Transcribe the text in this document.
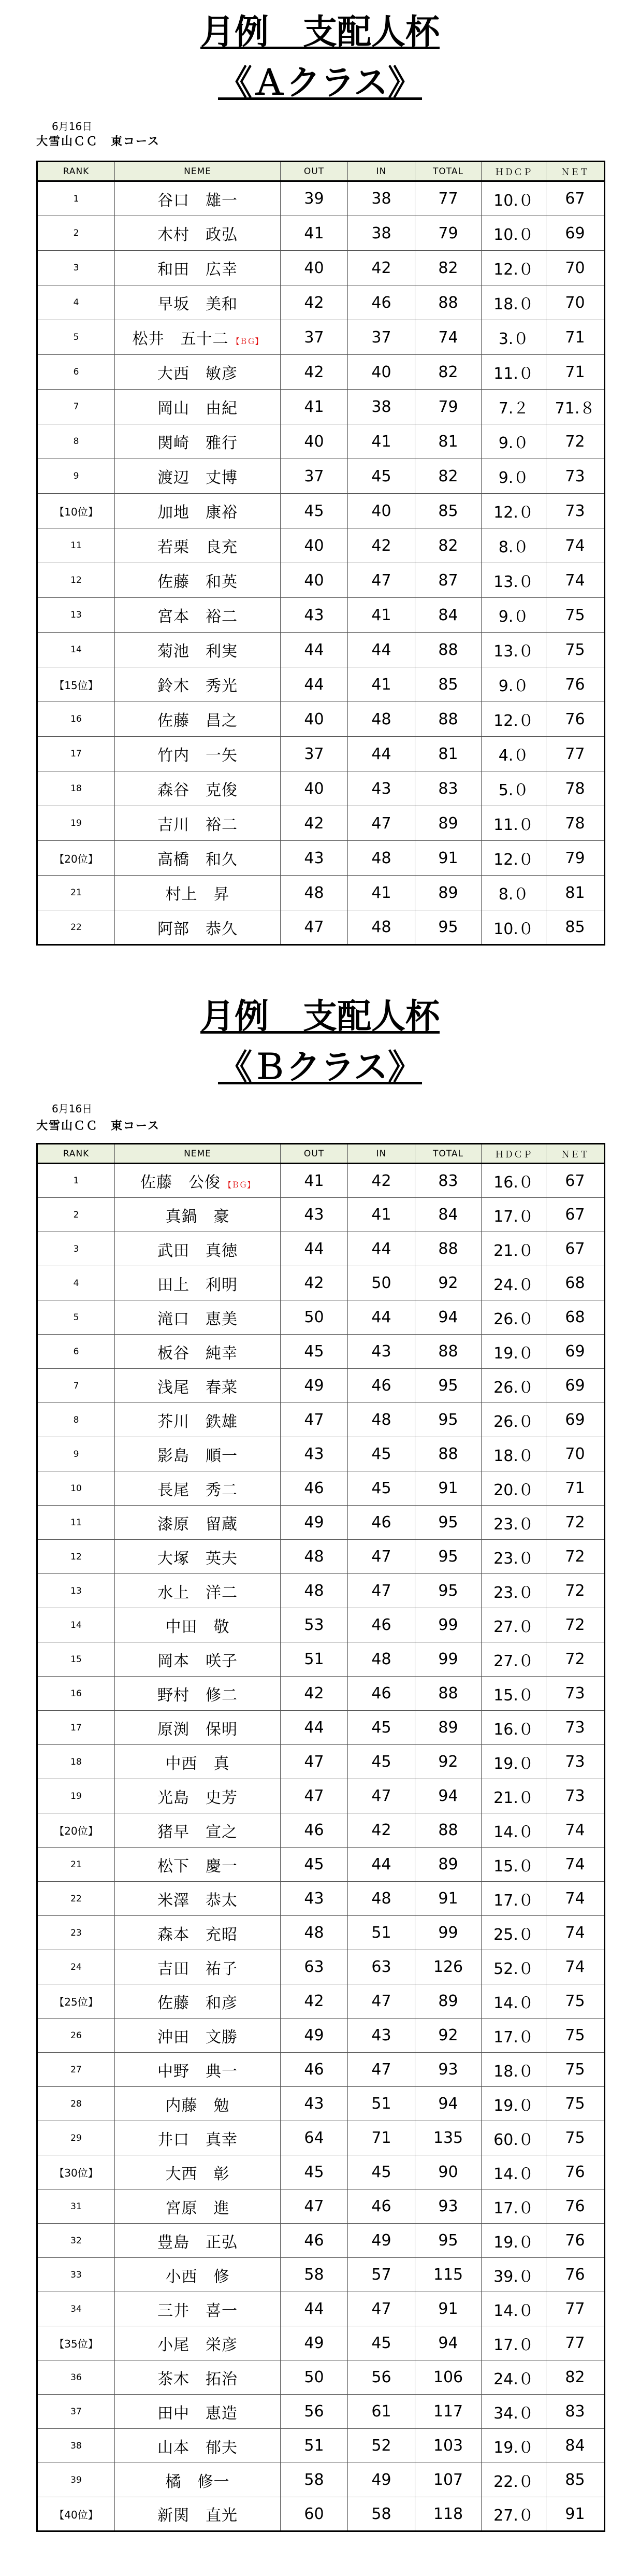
月例　支配人杯
《Ａクラス》
6月16日
大雪山ＣＣ　東コース
RANK	NEME	OUT	IN	TOTAL	ＨＤＣＰ	ＮＥＴ
1	谷口　雄一	39	38	77	10.０	67
2	木村　政弘	41	38	79	10.０	69
3	和田　広幸	40	42	82	12.０	70
4	早坂　美和	42	46	88	18.０	70
5	松井　五十二 【ＢＧ】	37	37	74	3.０	71
6	大西　敏彦	42	40	82	11.０	71
7	岡山　由紀	41	38	79	7.２	71.８
8	関崎　雅行	40	41	81	9.０	72
9	渡辺　丈博	37	45	82	9.０	73
【10位】	加地　康裕	45	40	85	12.０	73
11	若栗　良充	40	42	82	8.０	74
12	佐藤　和英	40	47	87	13.０	74
13	宮本　裕二	43	41	84	9.０	75
14	菊池　利実	44	44	88	13.０	75
【15位】	鈴木　秀光	44	41	85	9.０	76
16	佐藤　昌之	40	48	88	12.０	76
17	竹内　一矢	37	44	81	4.０	77
18	森谷　克俊	40	43	83	5.０	78
19	吉川　裕二	42	47	89	11.０	78
【20位】	高橋　和久	43	48	91	12.０	79
21	村上　昇	48	41	89	8.０	81
22	阿部　恭久	47	48	95	10.０	85
月例　支配人杯
《Ｂクラス》
6月16日
大雪山ＣＣ　東コース
RANK	NEME	OUT	IN	TOTAL	ＨＤＣＰ	ＮＥＴ
1	佐藤　公俊 【ＢＧ】	41	42	83	16.０	67
2	真鍋　豪	43	41	84	17.０	67
3	武田　真徳	44	44	88	21.０	67
4	田上　利明	42	50	92	24.０	68
5	滝口　恵美	50	44	94	26.０	68
6	板谷　純幸	45	43	88	19.０	69
7	浅尾　春菜	49	46	95	26.０	69
8	芥川　鉄雄	47	48	95	26.０	69
9	影島　順一	43	45	88	18.０	70
10	長尾　秀二	46	45	91	20.０	71
11	漆原　留蔵	49	46	95	23.０	72
12	大塚　英夫	48	47	95	23.０	72
13	水上　洋二	48	47	95	23.０	72
14	中田　敬	53	46	99	27.０	72
15	岡本　咲子	51	48	99	27.０	72
16	野村　修二	42	46	88	15.０	73
17	原渕　保明	44	45	89	16.０	73
18	中西　真	47	45	92	19.０	73
19	光島　史芳	47	47	94	21.０	73
【20位】	猪早　宣之	46	42	88	14.０	74
21	松下　慶一	45	44	89	15.０	74
22	米澤　恭太	43	48	91	17.０	74
23	森本　充昭	48	51	99	25.０	74
24	吉田　祐子	63	63	126	52.０	74
【25位】	佐藤　和彦	42	47	89	14.０	75
26	沖田　文勝	49	43	92	17.０	75
27	中野　典一	46	47	93	18.０	75
28	内藤　勉	43	51	94	19.０	75
29	井口　真幸	64	71	135	60.０	75
【30位】	大西　彰	45	45	90	14.０	76
31	宮原　進	47	46	93	17.０	76
32	豊島　正弘	46	49	95	19.０	76
33	小西　修	58	57	115	39.０	76
34	三井　喜一	44	47	91	14.０	77
【35位】	小尾　栄彦	49	45	94	17.０	77
36	茶木　拓治	50	56	106	24.０	82
37	田中　恵造	56	61	117	34.０	83
38	山本　郁夫	51	52	103	19.０	84
39	橘　修一	58	49	107	22.０	85
【40位】	新関　直光	60	58	118	27.０	91
